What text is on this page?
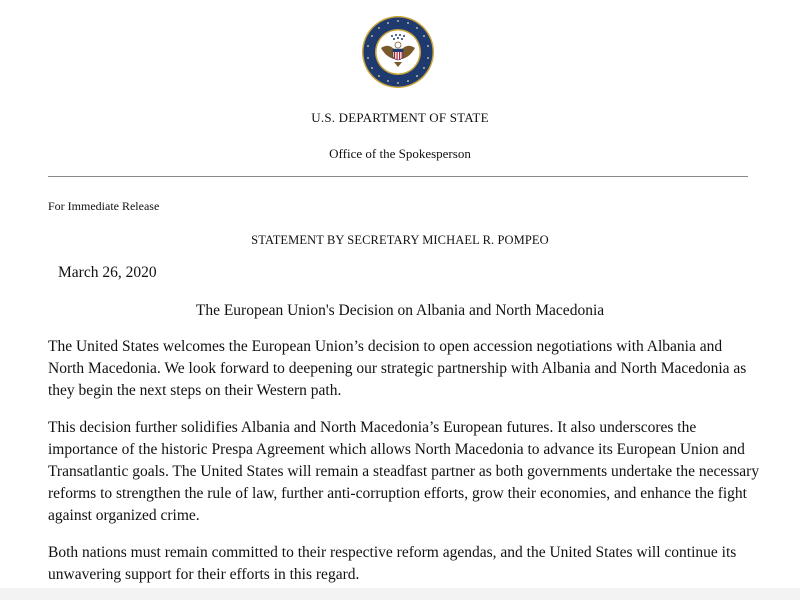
U.S. DEPARTMENT OF STATE
Office of the Spokesperson
For Immediate Release
STATEMENT BY SECRETARY MICHAEL R. POMPEO
March 26, 2020
The European Union's Decision on Albania and North Macedonia

The United States welcomes the European Union’s decision to open accession negotiations with Albania and North Macedonia. We look forward to deepening our strategic partnership with Albania and North Macedonia as they begin the next steps on their Western path.

This decision further solidifies Albania and North Macedonia’s European futures. It also underscores the importance of the historic Prespa Agreement which allows North Macedonia to advance its European Union and Transatlantic goals. The United States will remain a steadfast partner as both governments undertake the necessary reforms to strengthen the rule of law, further anti-corruption efforts, grow their economies, and enhance the fight against organized crime.

Both nations must remain committed to their respective reform agendas, and the United States will continue its unwavering support for their efforts in this regard.
